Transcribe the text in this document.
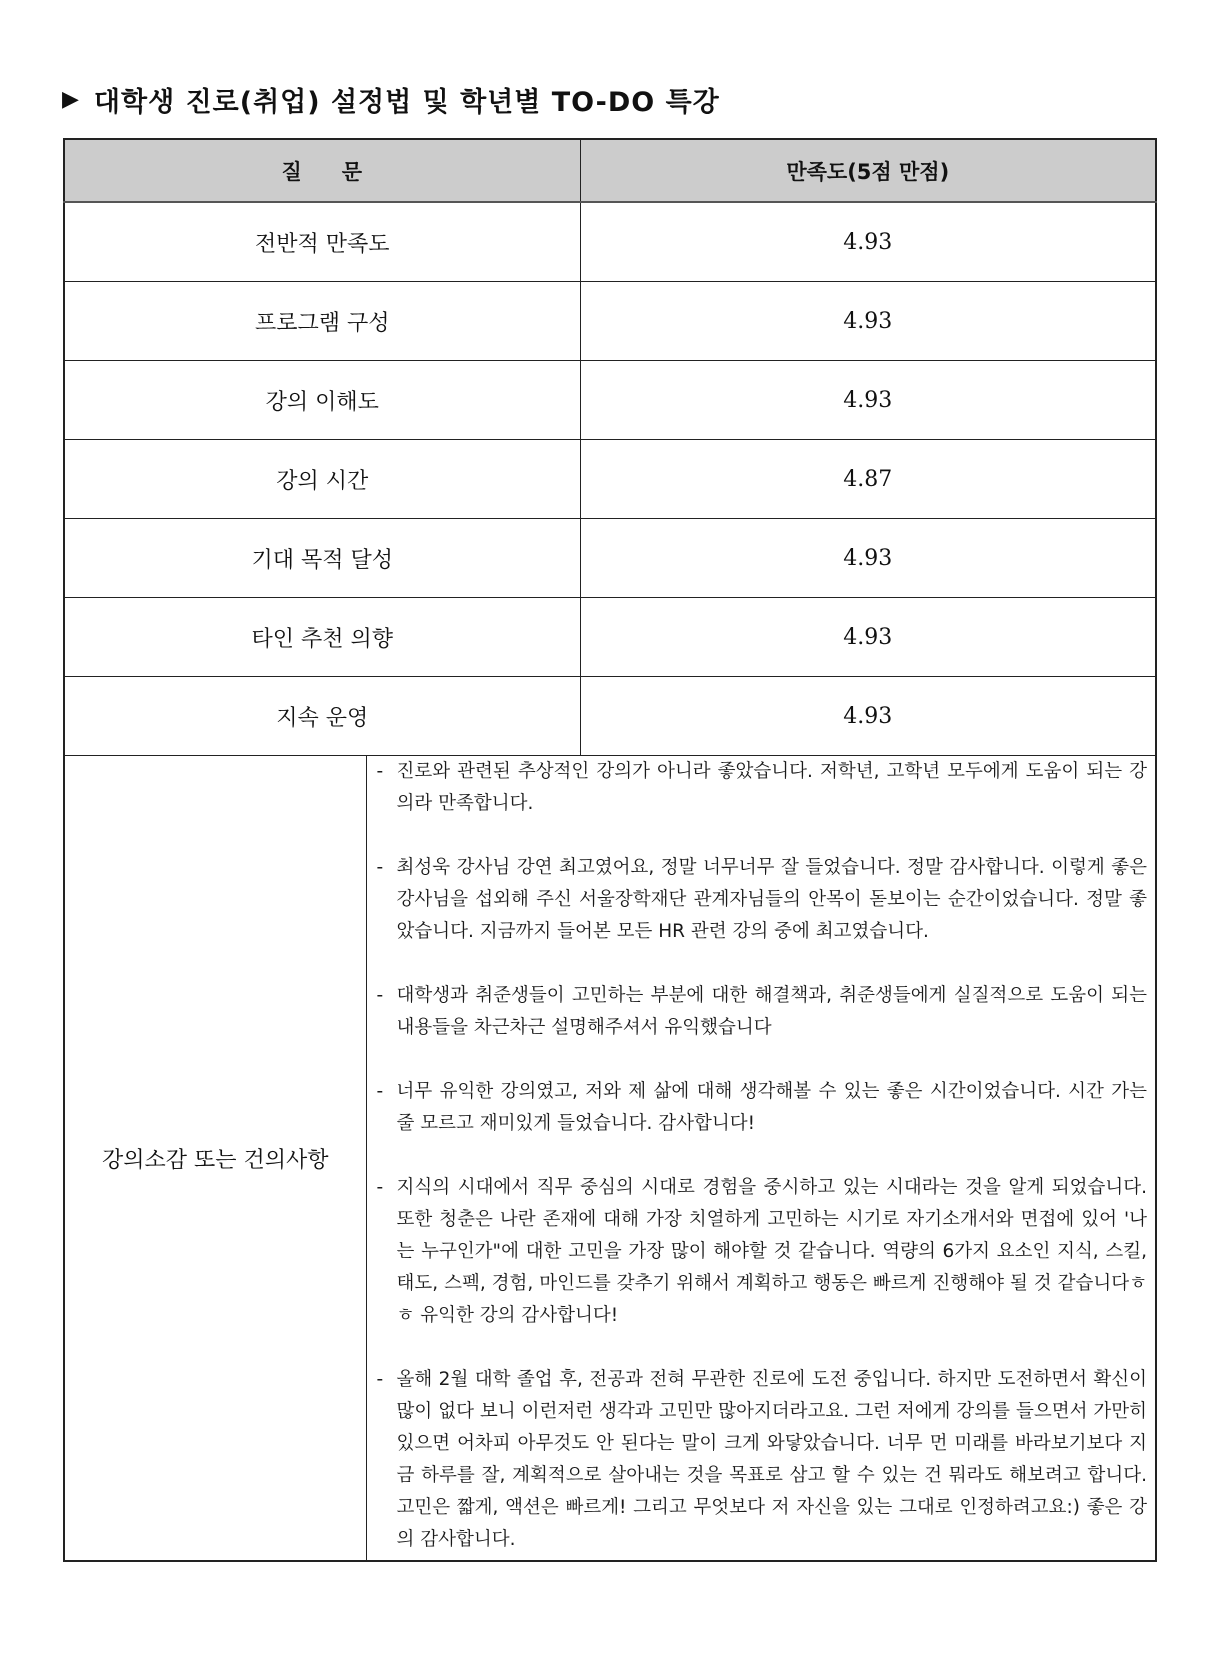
▶ 대학생 진로(취업) 설정법 및 학년별 TO-DO 특강
질문		만족도(5점 만점)
전반적 만족도		4.93
프로그램 구성		4.93
강의 이해도		4.93
강의 시간		4.87
기대 목적 달성		4.93
타인 추천 의향		4.93
지속 운영		4.93
강의소감 또는 건의사항	
- 진로와 관련된 추상적인 강의가 아니라 좋았습니다. 저학년, 고학년 모두에게 도움이 되는 강의라 만족합니다.
- 최성욱 강사님 강연 최고였어요, 정말 너무너무 잘 들었습니다. 정말 감사합니다. 이렇게 좋은 강사님을 섭외해 주신 서울장학재단 관계자님들의 안목이 돋보이는 순간이었습니다. 정말 좋았습니다. 지금까지 들어본 모든 HR 관련 강의 중에 최고였습니다.
- 대학생과 취준생들이 고민하는 부분에 대한 해결책과, 취준생들에게 실질적으로 도움이 되는 내용들을 차근차근 설명해주셔서 유익했습니다
- 너무 유익한 강의였고, 저와 제 삶에 대해 생각해볼 수 있는 좋은 시간이었습니다. 시간 가는 줄 모르고 재미있게 들었습니다. 감사합니다!
- 지식의 시대에서 직무 중심의 시대로 경험을 중시하고 있는 시대라는 것을 알게 되었습니다. 또한 청춘은 나란 존재에 대해 가장 치열하게 고민하는 시기로 자기소개서와 면접에 있어 '나는 누구인가"에 대한 고민을 가장 많이 해야할 것 같습니다. 역량의 6가지 요소인 지식, 스킬, 태도, 스펙, 경험, 마인드를 갖추기 위해서 계획하고 행동은 빠르게 진행해야 될 것 같습니다ㅎㅎ 유익한 강의 감사합니다!
- 올해 2월 대학 졸업 후, 전공과 전혀 무관한 진로에 도전 중입니다. 하지만 도전하면서 확신이 많이 없다 보니 이런저런 생각과 고민만 많아지더라고요. 그런 저에게 강의를 들으면서 가만히 있으면 어차피 아무것도 안 된다는 말이 크게 와닿았습니다. 너무 먼 미래를 바라보기보다 지금 하루를 잘, 계획적으로 살아내는 것을 목표로 삼고 할 수 있는 건 뭐라도 해보려고 합니다. 고민은 짧게, 액션은 빠르게! 그리고 무엇보다 저 자신을 있는 그대로 인정하려고요:) 좋은 강의 감사합니다.
